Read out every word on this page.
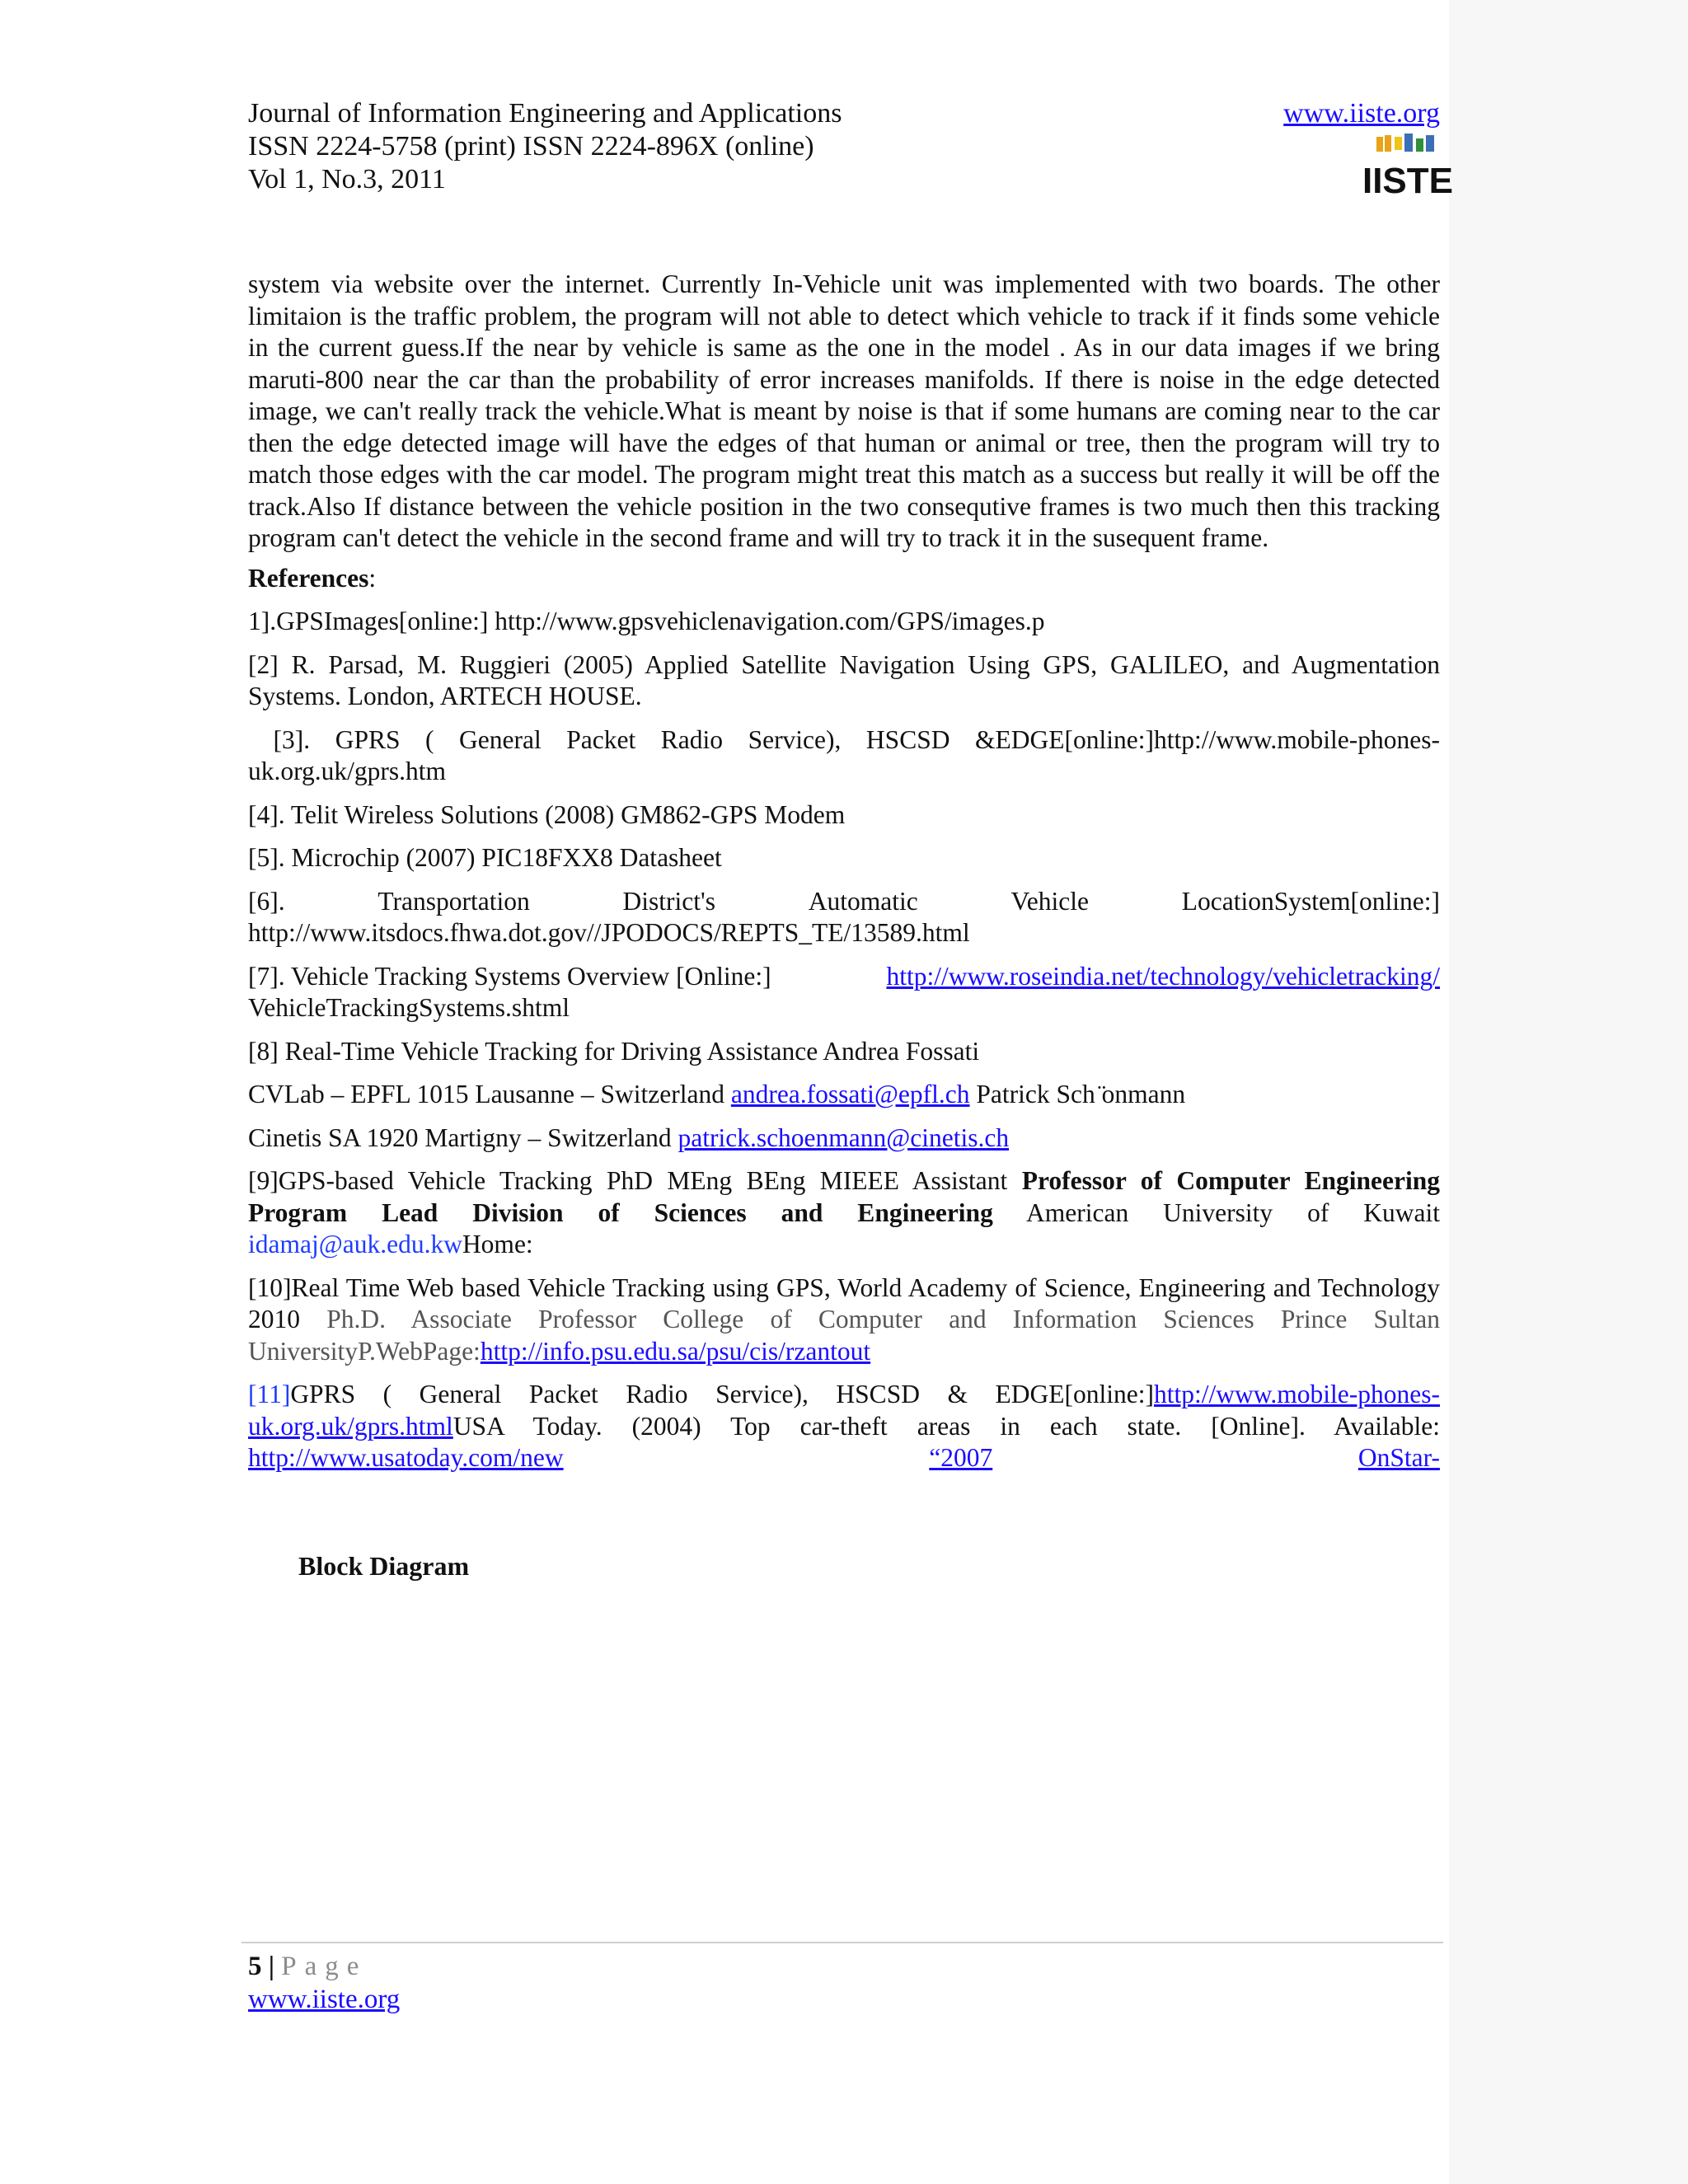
Journal of Information Engineering and Applications
ISSN 2224-5758 (print) ISSN 2224-896X (online)
Vol 1, No.3, 2011
www.iiste.org
IISTE

system via website over the internet. Currently In-Vehicle unit was implemented with two boards. The other limitaion is the traffic problem, the program will not able to detect which vehicle to track if it finds some vehicle in the current guess.If the near by vehicle is same as the one in the model . As in our data images if we bring maruti-800 near the car than the probability of error increases manifolds. If there is noise in the edge detected image, we can't really track the vehicle.What is meant by noise is that if some humans are coming near to the car then the edge detected image will have the edges of that human or animal or tree, then the program will try to match those edges with the car model. The program might treat this match as a success but really it will be off the track.Also If distance between the vehicle position in the two consequtive frames is two much then this tracking program can't detect the vehicle in the second frame and will try to track it in the susequent frame.

References:

1].GPSImages[online:] http://www.gpsvehiclenavigation.com/GPS/images.p

[2] R. Parsad, M. Ruggieri (2005) Applied Satellite Navigation Using GPS, GALILEO, and Augmentation Systems. London, ARTECH HOUSE.

[3]. GPRS ( General Packet Radio Service), HSCSD &EDGE[online:]http://www.mobile-phones-uk.org.uk/gprs.htm

[4]. Telit Wireless Solutions (2008) GM862-GPS Modem

[5]. Microchip (2007) PIC18FXX8 Datasheet

[6].	Transportation	District's	Automatic	Vehicle	LocationSystem[online:]
http://www.itsdocs.fhwa.dot.gov//JPODOCS/REPTS_TE/13589.html
[7]. Vehicle Tracking Systems Overview [Online:]	http://www.roseindia.net/technology/vehicletracking/
VehicleTrackingSystems.shtml

[8] Real-Time Vehicle Tracking for Driving Assistance Andrea Fossati

CVLab – EPFL 1015 Lausanne – Switzerland andrea.fossati@epfl.ch Patrick Sch ̈onmann

Cinetis SA 1920 Martigny – Switzerland patrick.schoenmann@cinetis.ch

[9]GPS-based Vehicle Tracking PhD MEng BEng MIEEE Assistant Professor of Computer Engineering Program Lead Division of Sciences and Engineering American University of Kuwait idamaj@auk.edu.kwHome:

[10]Real Time Web based Vehicle Tracking using GPS, World Academy of Science, Engineering and Technology 2010 Ph.D. Associate Professor College of Computer and Information Sciences Prince Sultan UniversityP.WebPage:http://info.psu.edu.sa/psu/cis/rzantout

[11]GPRS ( General Packet Radio Service), HSCSD & EDGE[online:]http://www.mobile-phones-uk.org.uk/gprs.htmlUSA Today. (2004) Top car-theft areas in each state. [Online]. Available:
http://www.usatoday.com/new	“2007	OnStar-
Block Diagram
5 | Page
www.iiste.org
